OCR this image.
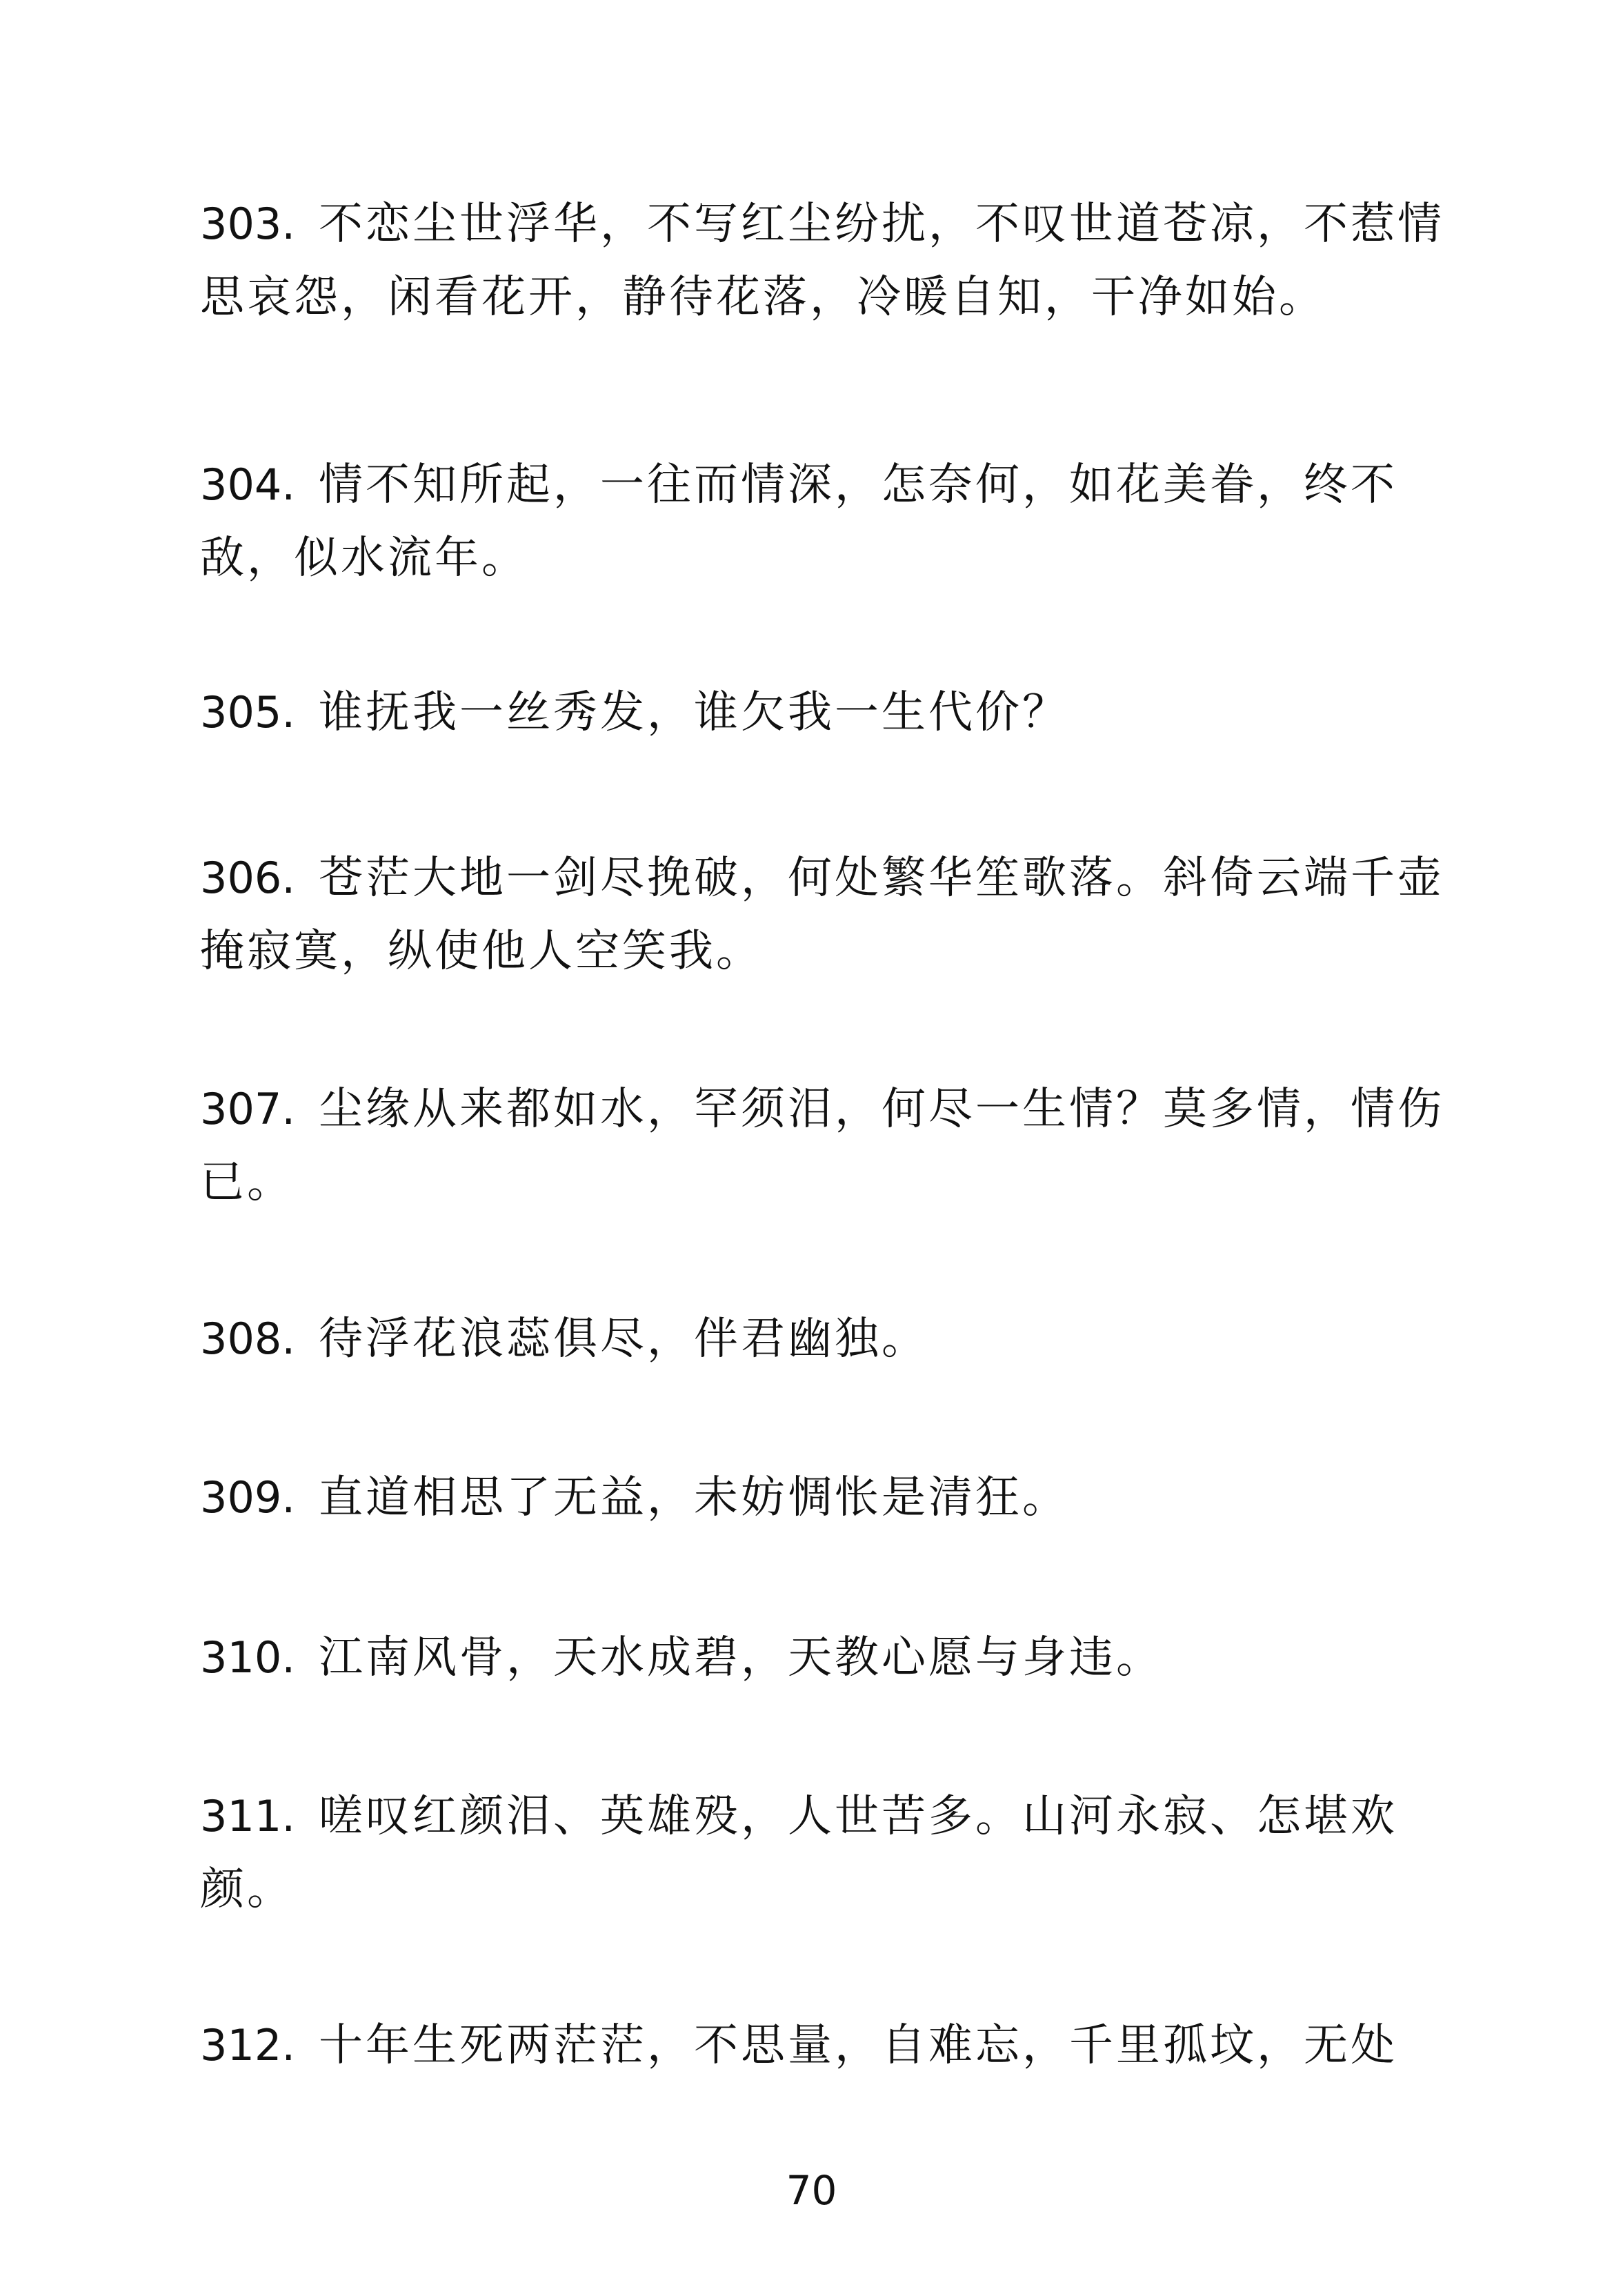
303. 不恋尘世浮华，不写红尘纷扰，不叹世道苍凉，不惹情思哀怨，闲看花开，静待花落，冷暖自知，干净如始。
304. 情不知所起，一往而情深，怎奈何，如花美眷，终不敌，似水流年。
305. 谁抚我一丝秀发，谁欠我一生代价？
306. 苍茫大地一剑尽挽破，何处繁华笙歌落。斜倚云端千壶掩寂寞，纵使他人空笑我。
307. 尘缘从来都如水，罕须泪，何尽一生情？莫多情，情伤已。
308. 待浮花浪蕊俱尽，伴君幽独。
309. 直道相思了无益，未妨惆怅是清狂。
310. 江南风骨，天水成碧，天教心愿与身违。
311. 嗟叹红颜泪、英雄殁，人世苦多。山河永寂、怎堪欢颜。
312. 十年生死两茫茫，不思量，自难忘，千里孤坟，无处
70
